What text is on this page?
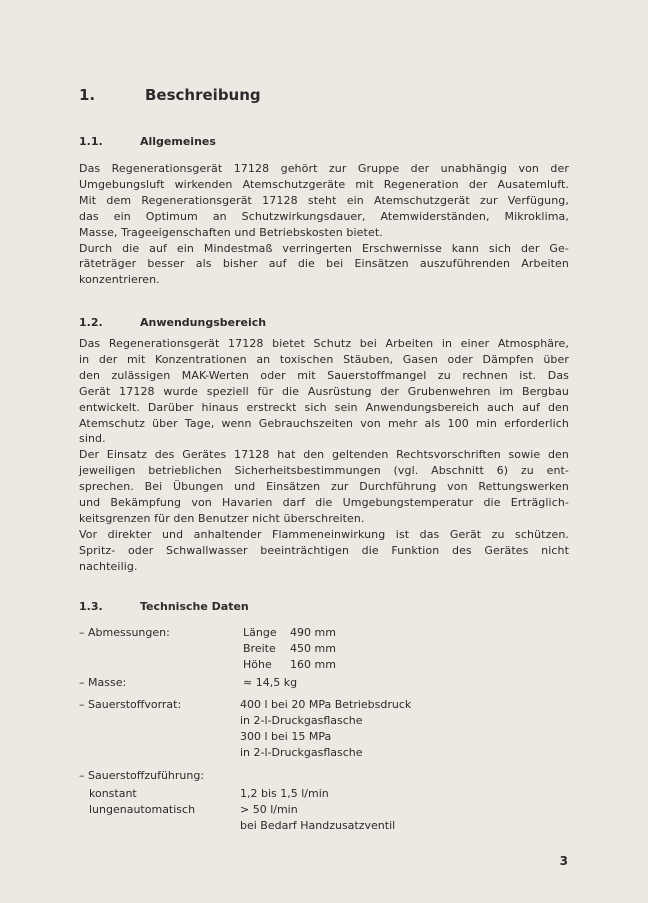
1.	Beschreibung
1.1.	Allgemeines
Das Regenerationsgerät 17128 gehört zur Gruppe der unabhängig von der
Umgebungsluft wirkenden Atemschutzgeräte mit Regeneration der Ausatemluft.
Mit dem Regenerationsgerät 17128 steht ein Atemschutzgerät zur Verfügung,
das ein Optimum an Schutzwirkungsdauer, Atemwiderständen, Mikroklima,
Masse, Trageeigenschaften und Betriebskosten bietet.
Durch die auf ein Mindestmaß verringerten Erschwernisse kann sich der Ge-
räteträger besser als bisher auf die bei Einsätzen auszuführenden Arbeiten
konzentrieren.
1.2.	Anwendungsbereich
Das Regenerationsgerät 17128 bietet Schutz bei Arbeiten in einer Atmosphäre,
in der mit Konzentrationen an toxischen Stäuben, Gasen oder Dämpfen über
den zulässigen MAK-Werten oder mit Sauerstoffmangel zu rechnen ist. Das
Gerät 17128 wurde speziell für die Ausrüstung der Grubenwehren im Bergbau
entwickelt. Darüber hinaus erstreckt sich sein Anwendungsbereich auch auf den
Atemschutz über Tage, wenn Gebrauchszeiten von mehr als 100 min erforderlich
sind.
Der Einsatz des Gerätes 17128 hat den geltenden Rechtsvorschriften sowie den
jeweiligen betrieblichen Sicherheitsbestimmungen (vgl. Abschnitt 6) zu ent-
sprechen. Bei Übungen und Einsätzen zur Durchführung von Rettungswerken
und Bekämpfung von Havarien darf die Umgebungstemperatur die Erträglich-
keitsgrenzen für den Benutzer nicht überschreiten.
Vor direkter und anhaltender Flammeneinwirkung ist das Gerät zu schützen.
Spritz- oder Schwallwasser beeinträchtigen die Funktion des Gerätes nicht
nachteilig.
1.3.	Technische Daten
– Abmessungen:	Länge 490 mm
Breite 450 mm
Höhe 160 mm
– Masse:	≈ 14,5 kg
– Sauerstoffvorrat:	400 l bei 20 MPa Betriebsdruck
in 2-l-Druckgasflasche
300 l bei 15 MPa
in 2-l-Druckgasflasche
– Sauerstoffzuführung:
konstant	1,2 bis 1,5 l/min
lungenautomatisch	> 50 l/min
bei Bedarf Handzusatzventil
3
